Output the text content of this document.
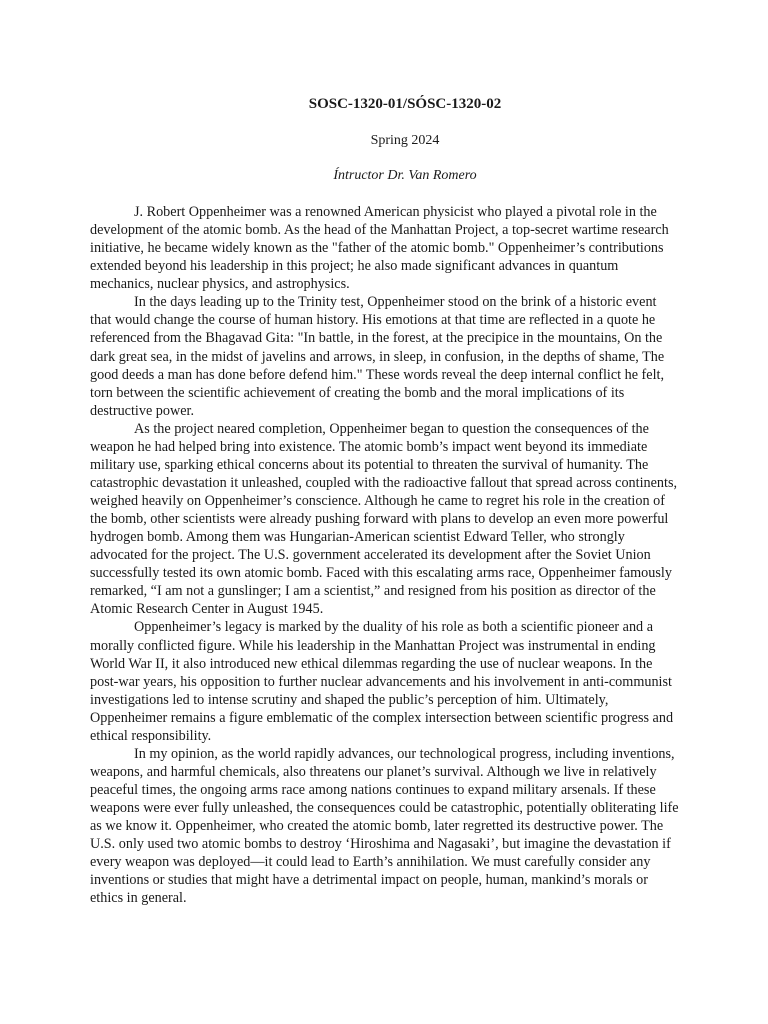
SOSC-1320-01/SÓSC-1320-02
Spring 2024
Íntructor Dr. Van Romero

J. Robert Oppenheimer was a renowned American physicist who played a pivotal role in the development of the atomic bomb. As the head of the Manhattan Project, a top-secret wartime research initiative, he became widely known as the "father of the atomic bomb." Oppenheimer’s contributions extended beyond his leadership in this project; he also made significant advances in quantum mechanics, nuclear physics, and astrophysics.

In the days leading up to the Trinity test, Oppenheimer stood on the brink of a historic event that would change the course of human history. His emotions at that time are reflected in a quote he referenced from the Bhagavad Gita: "In battle, in the forest, at the precipice in the mountains, On the dark great sea, in the midst of javelins and arrows, in sleep, in confusion, in the depths of shame, The good deeds a man has done before defend him." These words reveal the deep internal conflict he felt, torn between the scientific achievement of creating the bomb and the moral implications of its destructive power.

As the project neared completion, Oppenheimer began to question the consequences of the weapon he had helped bring into existence. The atomic bomb’s impact went beyond its immediate military use, sparking ethical concerns about its potential to threaten the survival of humanity. The catastrophic devastation it unleashed, coupled with the radioactive fallout that spread across continents, weighed heavily on Oppenheimer’s conscience. Although he came to regret his role in the creation of the bomb, other scientists were already pushing forward with plans to develop an even more powerful hydrogen bomb. Among them was Hungarian-American scientist Edward Teller, who strongly advocated for the project. The U.S. government accelerated its development after the Soviet Union successfully tested its own atomic bomb. Faced with this escalating arms race, Oppenheimer famously remarked, “I am not a gunslinger; I am a scientist,” and resigned from his position as director of the Atomic Research Center in August 1945.

Oppenheimer’s legacy is marked by the duality of his role as both a scientific pioneer and a morally conflicted figure. While his leadership in the Manhattan Project was instrumental in ending World War II, it also introduced new ethical dilemmas regarding the use of nuclear weapons. In the post-war years, his opposition to further nuclear advancements and his involvement in anti-communist investigations led to intense scrutiny and shaped the public’s perception of him. Ultimately, Oppenheimer remains a figure emblematic of the complex intersection between scientific progress and ethical responsibility.

In my opinion, as the world rapidly advances, our technological progress, including inventions, weapons, and harmful chemicals, also threatens our planet’s survival. Although we live in relatively peaceful times, the ongoing arms race among nations continues to expand military arsenals. If these weapons were ever fully unleashed, the consequences could be catastrophic, potentially obliterating life as we know it. Oppenheimer, who created the atomic bomb, later regretted its destructive power. The U.S. only used two atomic bombs to destroy ‘Hiroshima and Nagasaki’, but imagine the devastation if every weapon was deployed—it could lead to Earth’s annihilation. We must carefully consider any inventions or studies that might have a detrimental impact on people, human, mankind’s morals or ethics in general.
